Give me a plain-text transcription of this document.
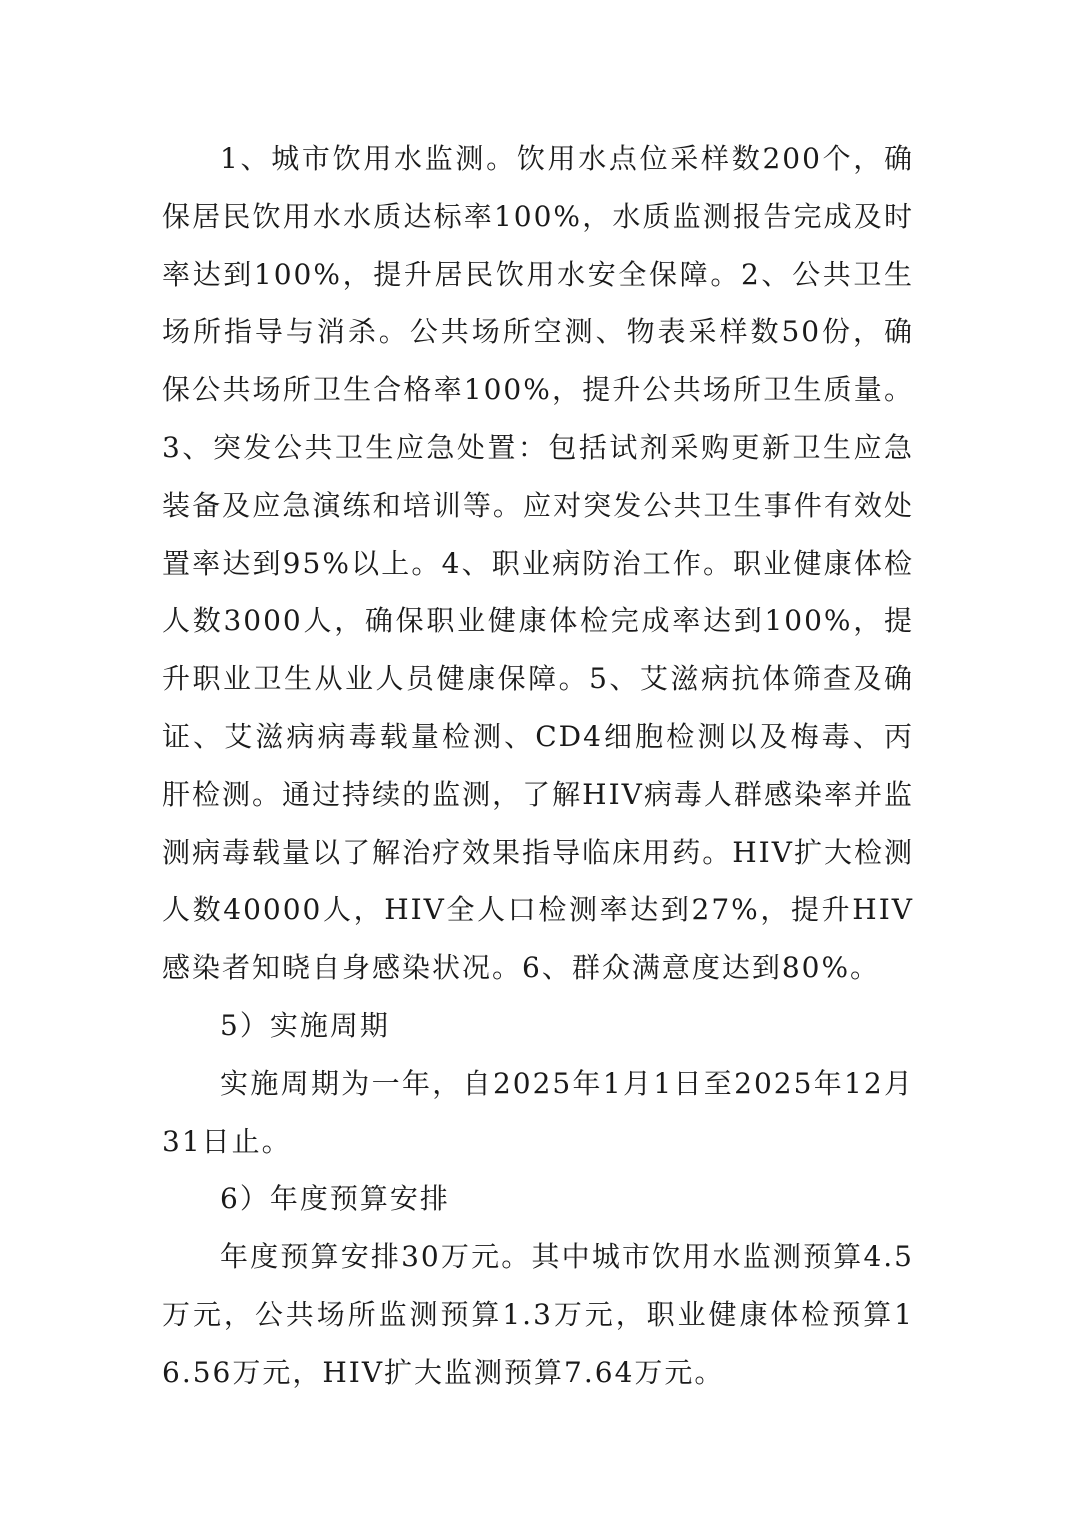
1、城市饮用水监测。饮用水点位采样数200个，确保居民饮用水水质达标率100%，水质监测报告完成及时率达到100%，提升居民饮用水安全保障。2、公共卫生场所指导与消杀。公共场所空测、物表采样数50份，确保公共场所卫生合格率100%，提升公共场所卫生质量。3、突发公共卫生应急处置：包括试剂采购更新卫生应急装备及应急演练和培训等。应对突发公共卫生事件有效处置率达到95%以上。4、职业病防治工作。职业健康体检人数3000人，确保职业健康体检完成率达到100%，提升职业卫生从业人员健康保障。5、艾滋病抗体筛查及确证、艾滋病病毒载量检测、CD4细胞检测以及梅毒、丙肝检测。通过持续的监测，了解HIV病毒人群感染率并监测病毒载量以了解治疗效果指导临床用药。HIV扩大检测人数40000人，HIV全人口检测率达到27%，提升HIV感染者知晓自身感染状况。6、群众满意度达到80%。

5）实施周期

实施周期为一年，自2025年1月1日至2025年12月31日止。

6）年度预算安排

年度预算安排30万元。其中城市饮用水监测预算4.5万元，公共场所监测预算1.3万元，职业健康体检预算16.56万元，HIV扩大监测预算7.64万元。
